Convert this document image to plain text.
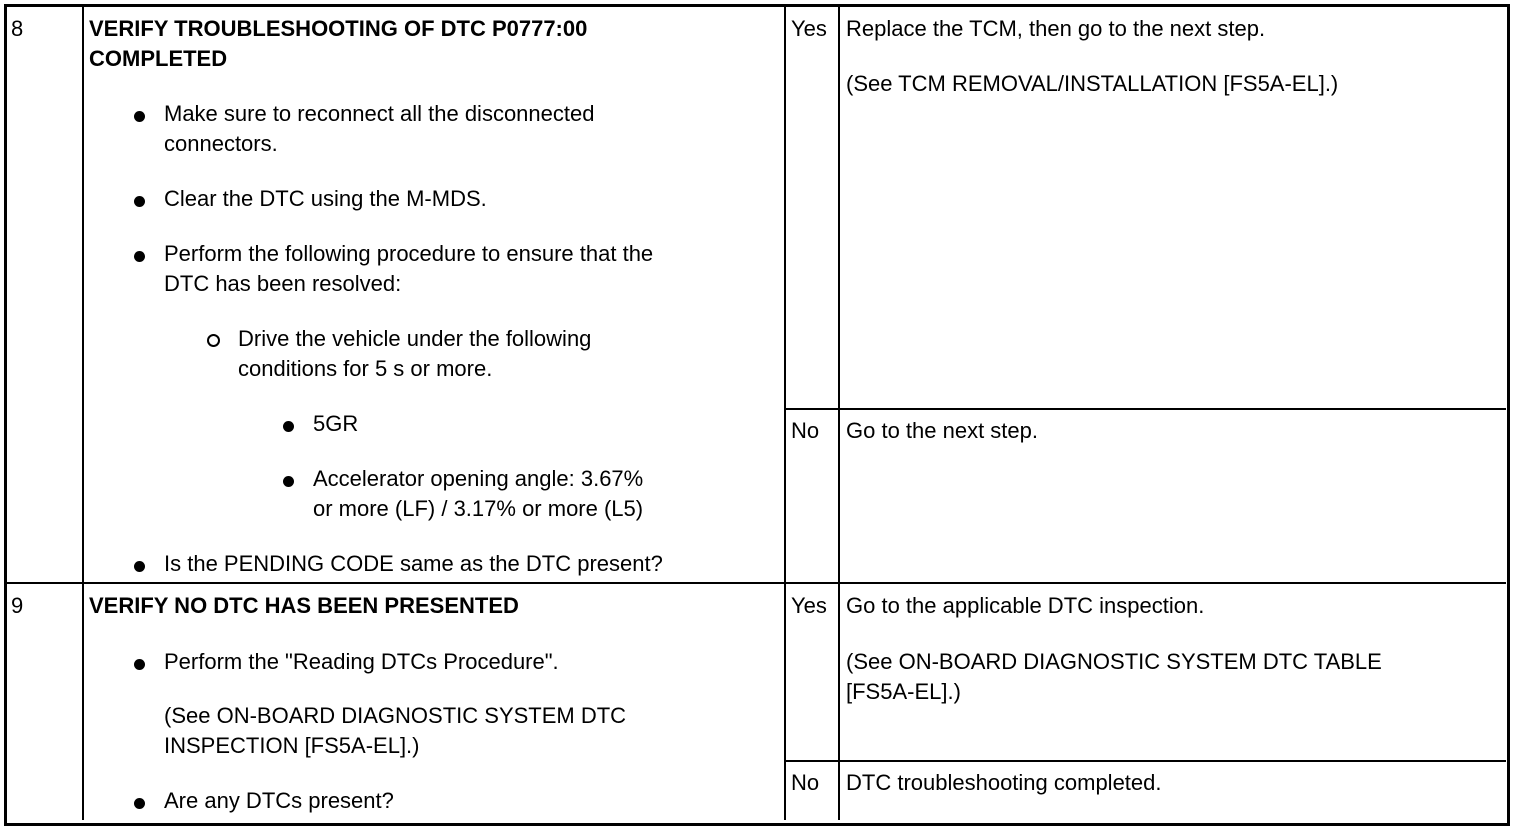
8	VERIFY TROUBLESHOOTING OF DTC P0777:00
COMPLETED
Make sure to reconnect all the disconnected
connectors.
Clear the DTC using the M-MDS.
Perform the following procedure to ensure that the
DTC has been resolved:
Drive the vehicle under the following
conditions for 5 s or more.
5GR
Accelerator opening angle: 3.67%
or more (LF) / 3.17% or more (L5)
Is the PENDING CODE same as the DTC present?
Yes Replace the TCM, then go to the next step.
(See TCM REMOVAL/INSTALLATION [FS5A-EL].)
No Go to the next step.
9	VERIFY NO DTC HAS BEEN PRESENTED
Perform the "Reading DTCs Procedure".
(See ON-BOARD DIAGNOSTIC SYSTEM DTC
INSPECTION [FS5A-EL].)
Are any DTCs present?
Yes Go to the applicable DTC inspection.
(See ON-BOARD DIAGNOSTIC SYSTEM DTC TABLE
[FS5A-EL].)
No DTC troubleshooting completed.
